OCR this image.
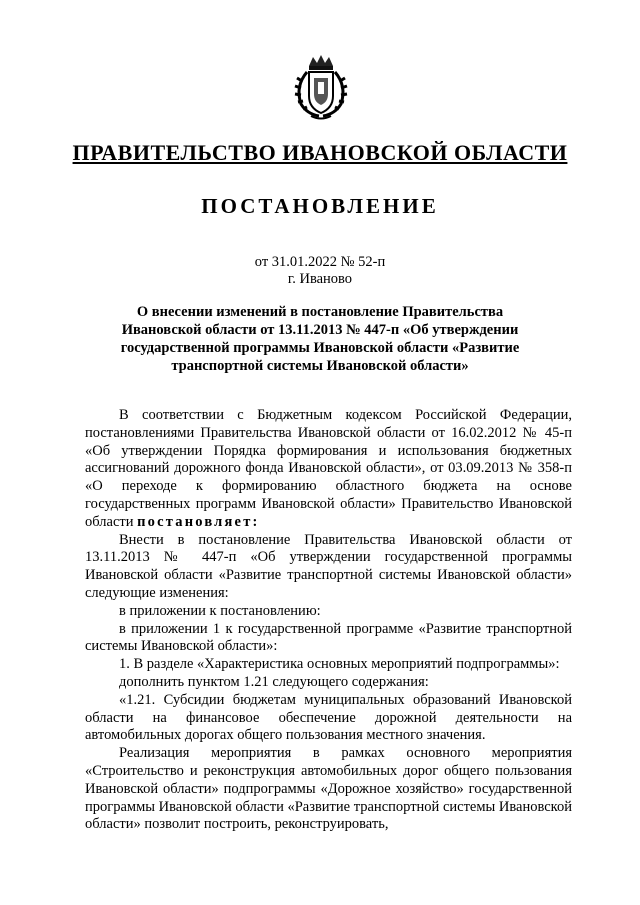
ПРАВИТЕЛЬСТВО ИВАНОВСКОЙ ОБЛАСТИ
ПОСТАНОВЛЕНИЕ
от 31.01.2022 № 52-п
г. Иваново
О внесении изменений в постановление Правительства
Ивановской области от 13.11.2013 № 447-п «Об утверждении
государственной программы Ивановской области «Развитие
транспортной системы Ивановской области»

В соответствии с Бюджетным кодексом Российской Федерации, постановлениями Правительства Ивановской области от 16.02.2012 № 45-п «Об утверждении Порядка формирования и использования бюджетных ассигнований дорожного фонда Ивановской области», от 03.09.2013 № 358-п «О переходе к формированию областного бюджета на основе государственных программ Ивановской области» Правительство Ивановской области постановляет:

Внести в постановление Правительства Ивановской области от 13.11.2013 № 447-п «Об утверждении государственной программы Ивановской области «Развитие транспортной системы Ивановской области» следующие изменения:

в приложении к постановлению:

в приложении 1 к государственной программе «Развитие транспортной системы Ивановской области»:

1. В разделе «Характеристика основных мероприятий подпрограммы»:

дополнить пунктом 1.21 следующего содержания:

«1.21. Субсидии бюджетам муниципальных образований Ивановской области на финансовое обеспечение дорожной деятельности на автомобильных дорогах общего пользования местного значения.

Реализация мероприятия в рамках основного мероприятия «Строительство и реконструкция автомобильных дорог общего пользования Ивановской области» подпрограммы «Дорожное хозяйство» государственной программы Ивановской области «Развитие транспортной системы Ивановской области» позволит построить, реконструировать,
